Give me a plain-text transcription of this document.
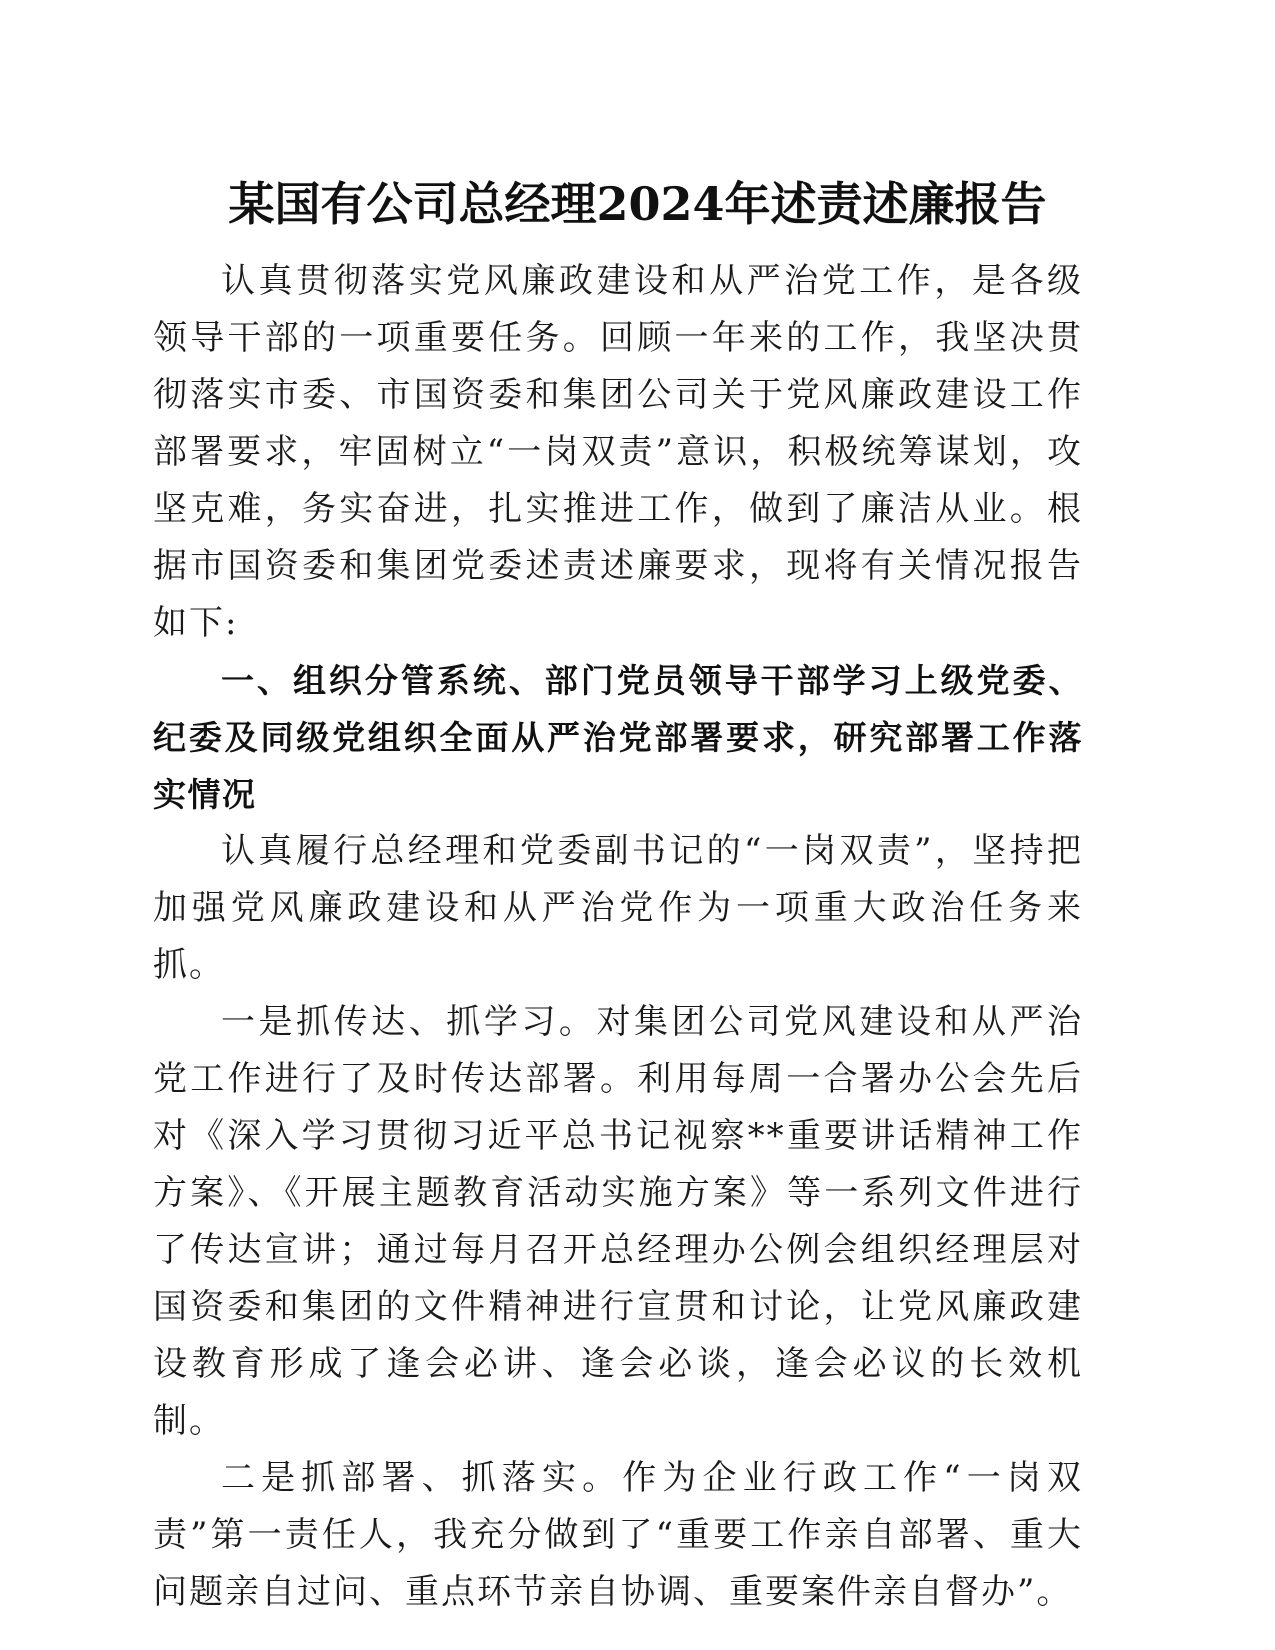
某国有公司总经理2024年述责述廉报告

认真贯彻落实党风廉政建设和从严治党工作，是各级领导干部的一项重要任务。回顾一年来的工作，我坚决贯彻落实市委、市国资委和集团公司关于党风廉政建设工作部署要求，牢固树立“一岗双责”意识，积极统筹谋划，攻坚克难，务实奋进，扎实推进工作，做到了廉洁从业。根据市国资委和集团党委述责述廉要求，现将有关情况报告如下:

一、组织分管系统、部门党员领导干部学习上级党委、纪委及同级党组织全面从严治党部署要求，研究部署工作落实情况

认真履行总经理和党委副书记的“一岗双责”，坚持把加强党风廉政建设和从严治党作为一项重大政治任务来抓。

一是抓传达、抓学习。对集团公司党风建设和从严治党工作进行了及时传达部署。利用每周一合署办公会先后对《深入学习贯彻习近平总书记视察**重要讲话精神工作方案》、《开展主题教育活动实施方案》等一系列文件进行了传达宣讲；通过每月召开总经理办公例会组织经理层对国资委和集团的文件精神进行宣贯和讨论，让党风廉政建设教育形成了逢会必讲、逢会必谈，逢会必议的长效机制。

二是抓部署、抓落实。作为企业行政工作“一岗双责”第一责任人，我充分做到了“重要工作亲自部署、重大问题亲自过问、重点环节亲自协调、重要案件亲自督办”。
